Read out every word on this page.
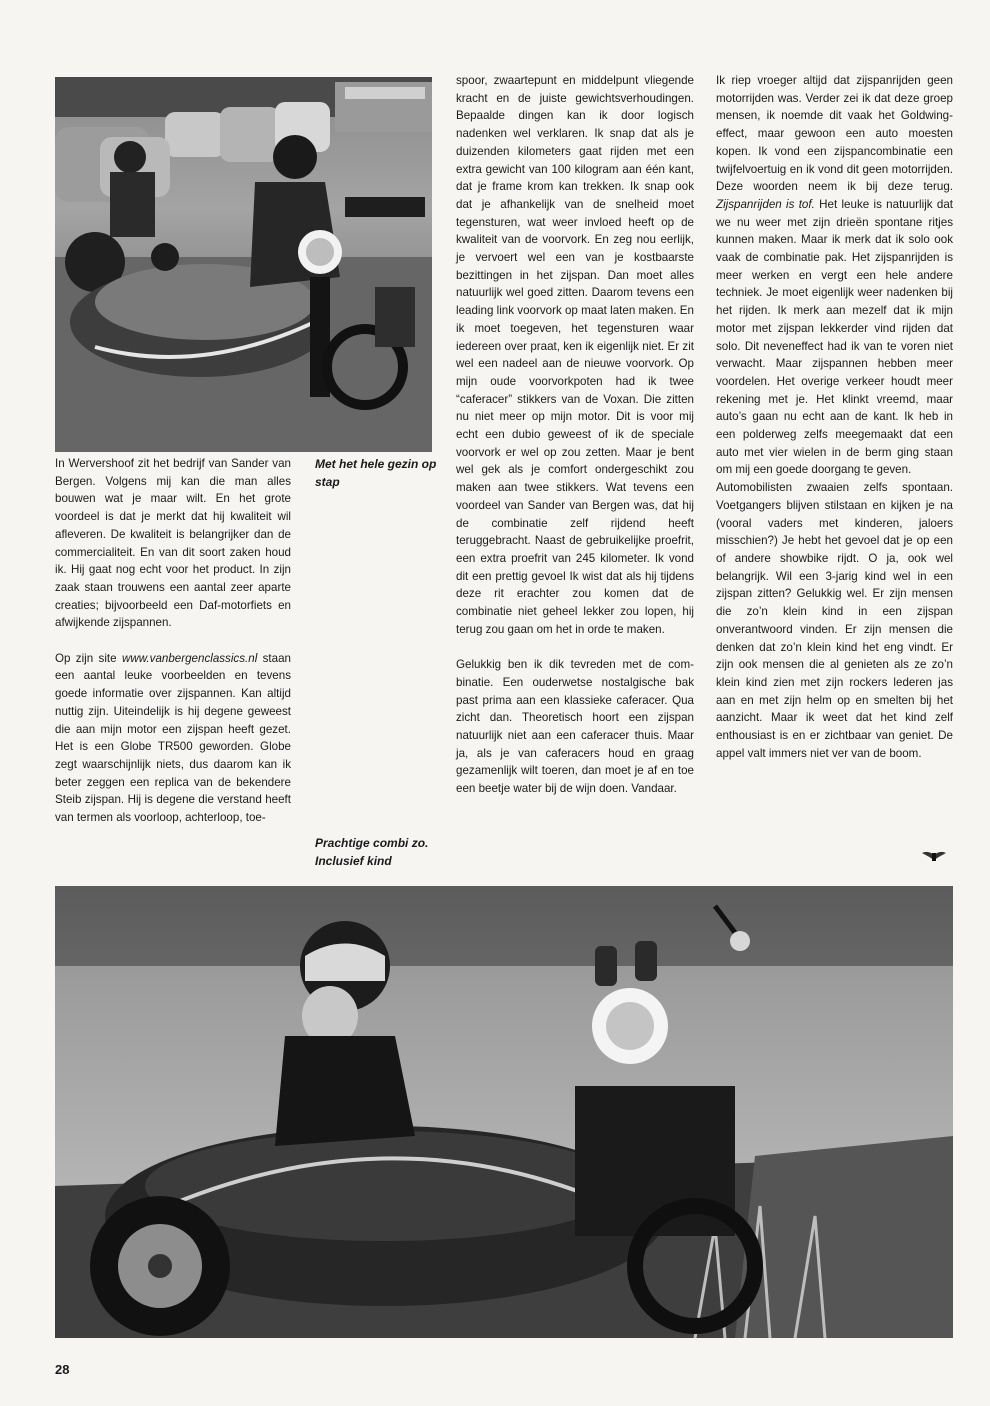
In Wervershoof zit het bedrijf van Sander van Bergen. Volgens mij kan die man alles bouwen wat je maar wilt. En het grote voordeel is dat je merkt dat hij kwaliteit wil afleveren. De kwaliteit is belangrijker dan de commercialiteit. En van dit soort zaken houd ik. Hij gaat nog echt voor het product. In zijn zaak staan trouwens een aantal zeer aparte creaties; bijvoorbeeld een Daf-motorfiets en afwijkende zijspannen.

Op zijn site www.vanbergenclassics.nl staan een aantal leuke voorbeelden en tevens goede informatie over zijspannen. Kan altijd nuttig zijn. Uiteindelijk is hij degene geweest die aan mijn motor een zijspan heeft gezet. Het is een Globe TR500 geworden. Globe zegt waarschijnlijk niets, dus daarom kan ik beter zeggen een replica van de bekendere Steib zijspan. Hij is degene die verstand heeft van termen als voorloop, achterloop, toe-

Met het hele gezin op stap
Prachtige combi zo. Inclusief kind

spoor, zwaartepunt en middelpunt vliegende kracht en de juiste gewichtsverhoudingen. Bepaalde dingen kan ik door logisch nadenken wel verklaren. Ik snap dat als je duizenden kilometers gaat rijden met een extra gewicht van 100 kilogram aan één kant, dat je frame krom kan trekken. Ik snap ook dat je afhankelijk van de snelheid moet tegensturen, wat weer invloed heeft op de kwaliteit van de voorvork. En zeg nou eerlijk, je vervoert wel een van je kostbaarste bezittingen in het zijspan. Dan moet alles natuurlijk wel goed zitten. Daarom tevens een leading link voorvork op maat laten maken. En ik moet toegeven, het tegensturen waar iedereen over praat, ken ik eigenlijk niet. Er zit wel een nadeel aan de nieuwe voorvork. Op mijn oude voorvorkpoten had ik twee “caferacer” stikkers van de Voxan. Die zitten nu niet meer op mijn motor. Dit is voor mij echt een dubio geweest of ik de speciale voorvork er wel op zou zetten. Maar je bent wel gek als je comfort ondergeschikt zou maken aan twee stikkers. Wat tevens een voordeel van Sander van Bergen was, dat hij de combinatie zelf rijdend heeft teruggebracht. Naast de gebruikelijke proefrit, een extra proefrit van 245 kilometer. Ik vond dit een prettig gevoel Ik wist dat als hij tijdens deze rit erachter zou komen dat de combinatie niet geheel lekker zou lopen, hij terug zou gaan om het in orde te maken.

Gelukkig ben ik dik tevreden met de combinatie. Een ouderwetse nostalgische bak past prima aan een klassieke caferacer. Qua zicht dan. Theoretisch hoort een zijspan natuurlijk niet aan een caferacer thuis. Maar ja, als je van caferacers houd en graag gezamenlijk wilt toeren, dan moet je af en toe een beetje water bij de wijn doen. Vandaar.

Ik riep vroeger altijd dat zijspanrijden geen motorrijden was. Verder zei ik dat deze groep mensen, ik noemde dit vaak het Goldwing-effect, maar gewoon een auto moesten kopen. Ik vond een zijspancombinatie een twijfelvoertuig en ik vond dit geen motorrijden. Deze woorden neem ik bij deze terug. Zijspanrijden is tof. Het leuke is natuurlijk dat we nu weer met zijn drieën spontane ritjes kunnen maken. Maar ik merk dat ik solo ook vaak de combinatie pak. Het zijspanrijden is meer werken en vergt een hele andere techniek. Je moet eigenlijk weer nadenken bij het rijden. Ik merk aan mezelf dat ik mijn motor met zijspan lekkerder vind rijden dat solo. Dit neveneffect had ik van te voren niet verwacht. Maar zijspannen hebben meer voordelen. Het overige verkeer houdt meer rekening met je. Het klinkt vreemd, maar auto’s gaan nu echt aan de kant. Ik heb in een polderweg zelfs meegemaakt dat een auto met vier wielen in de berm ging staan om mij een goede doorgang te geven.

Automobilisten zwaaien zelfs spontaan. Voetgangers blijven stilstaan en kijken je na (vooral vaders met kinderen, jaloers misschien?) Je hebt het gevoel dat je op een of andere showbike rijdt. O ja, ook wel belangrijk. Wil een 3-jarig kind wel in een zijspan zitten? Gelukkig wel. Er zijn mensen die zo’n klein kind in een zijspan onverantwoord vinden. Er zijn mensen die denken dat zo’n klein kind het eng vindt. Er zijn ook mensen die al genieten als ze zo’n klein kind zien met zijn rockers lederen jas aan en met zijn helm op en smelten bij het aanzicht. Maar ik weet dat het kind zelf enthousiast is en er zichtbaar van geniet. De appel valt immers niet ver van de boom.

28
